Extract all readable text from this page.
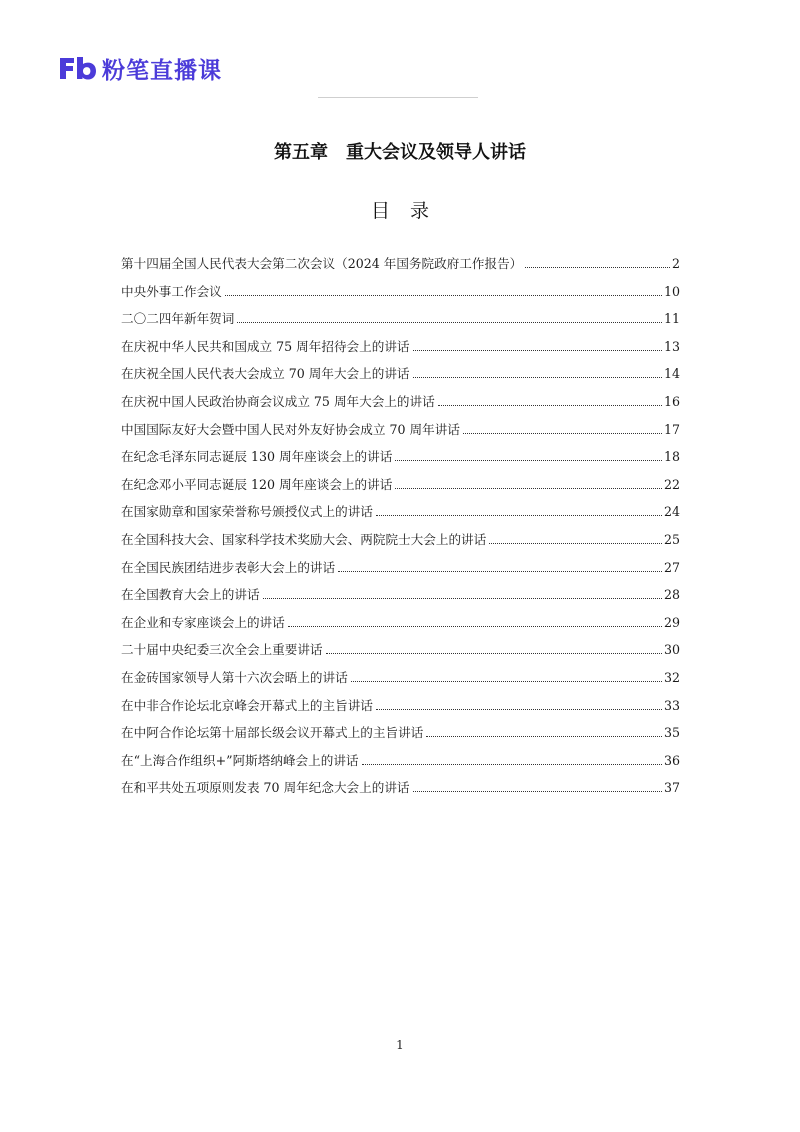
粉笔直播课
第五章　重大会议及领导人讲话
目录
第十四届全国人民代表大会第二次会议（2024 年国务院政府工作报告）	2
中央外事工作会议	10
二〇二四年新年贺词	11
在庆祝中华人民共和国成立 75 周年招待会上的讲话	13
在庆祝全国人民代表大会成立 70 周年大会上的讲话	14
在庆祝中国人民政治协商会议成立 75 周年大会上的讲话	16
中国国际友好大会暨中国人民对外友好协会成立 70 周年讲话	17
在纪念毛泽东同志诞辰 130 周年座谈会上的讲话	18
在纪念邓小平同志诞辰 120 周年座谈会上的讲话	22
在国家勋章和国家荣誉称号颁授仪式上的讲话	24
在全国科技大会、国家科学技术奖励大会、两院院士大会上的讲话	25
在全国民族团结进步表彰大会上的讲话	27
在全国教育大会上的讲话	28
在企业和专家座谈会上的讲话	29
二十届中央纪委三次全会上重要讲话	30
在金砖国家领导人第十六次会晤上的讲话	32
在中非合作论坛北京峰会开幕式上的主旨讲话	33
在中阿合作论坛第十届部长级会议开幕式上的主旨讲话	35
在“上海合作组织+”阿斯塔纳峰会上的讲话	36
在和平共处五项原则发表 70 周年纪念大会上的讲话	37
1
